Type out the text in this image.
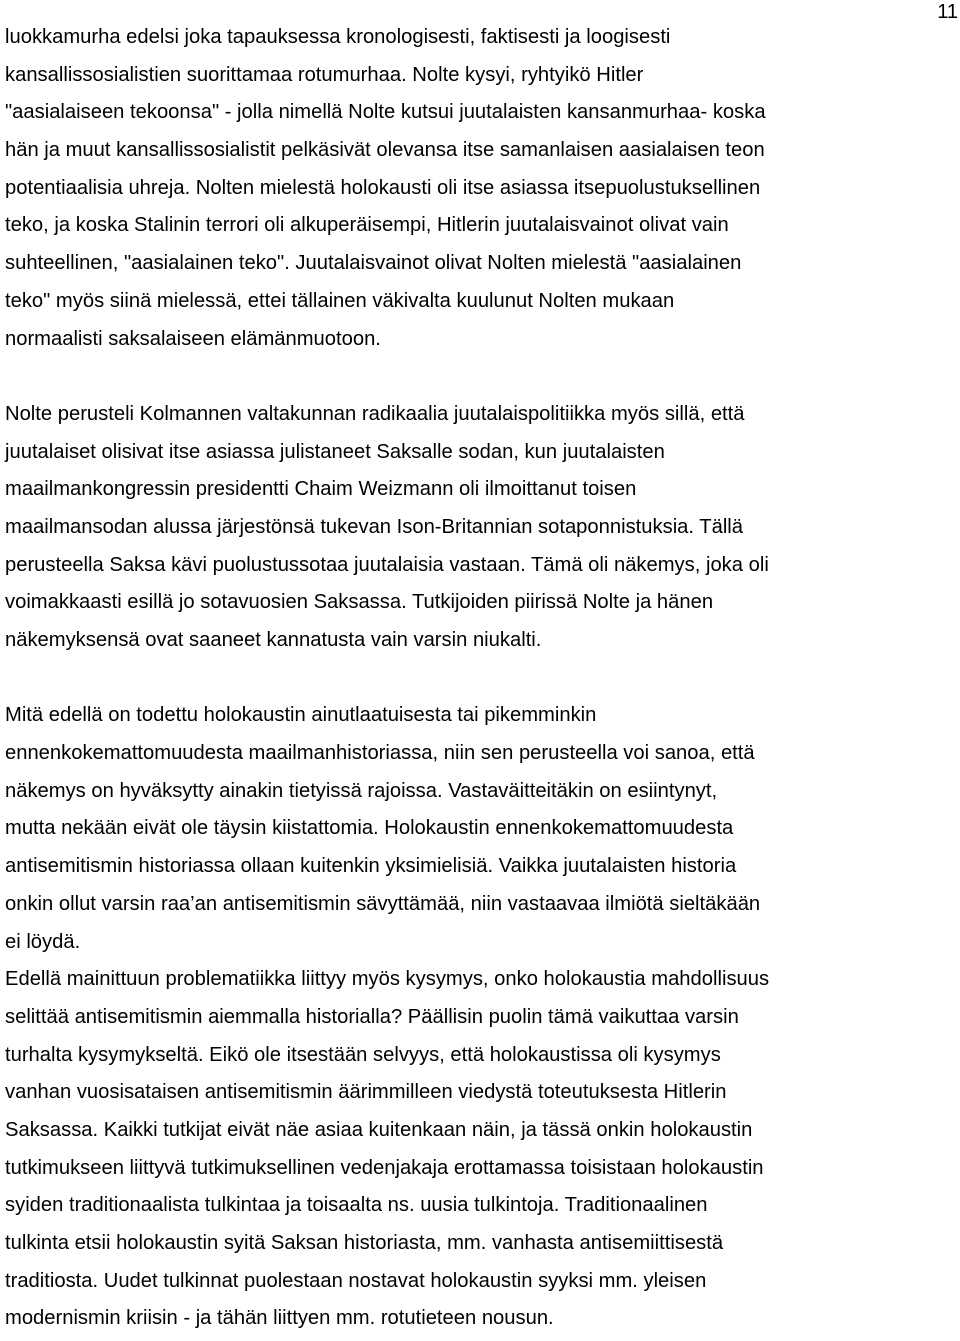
11
luokkamurha edelsi joka tapauksessa kronologisesti, faktisesti ja loogisesti
kansallissosialistien suorittamaa rotumurhaa. Nolte kysyi, ryhtyikö Hitler
"aasialaiseen tekoonsa" - jolla nimellä Nolte kutsui juutalaisten kansanmurhaa- koska
hän ja muut kansallissosialistit pelkäsivät olevansa itse samanlaisen aasialaisen teon
potentiaalisia uhreja. Nolten mielestä holokausti oli itse asiassa itsepuolustuksellinen
teko, ja koska Stalinin terrori oli alkuperäisempi, Hitlerin juutalaisvainot olivat vain
suhteellinen, "aasialainen teko". Juutalaisvainot olivat Nolten mielestä "aasialainen
teko" myös siinä mielessä, ettei tällainen väkivalta kuulunut Nolten mukaan
normaalisti saksalaiseen elämänmuotoon.
Nolte perusteli Kolmannen valtakunnan radikaalia juutalaispolitiikka myös sillä, että
juutalaiset olisivat itse asiassa julistaneet Saksalle sodan, kun juutalaisten
maailmankongressin presidentti Chaim Weizmann oli ilmoittanut toisen
maailmansodan alussa järjestönsä tukevan Ison-Britannian sotaponnistuksia. Tällä
perusteella Saksa kävi puolustussotaa juutalaisia vastaan. Tämä oli näkemys, joka oli
voimakkaasti esillä jo sotavuosien Saksassa. Tutkijoiden piirissä Nolte ja hänen
näkemyksensä ovat saaneet kannatusta vain varsin niukalti.
Mitä edellä on todettu holokaustin ainutlaatuisesta tai pikemminkin
ennenkokemattomuudesta maailmanhistoriassa, niin sen perusteella voi sanoa, että
näkemys on hyväksytty ainakin tietyissä rajoissa. Vastaväitteitäkin on esiintynyt,
mutta nekään eivät ole täysin kiistattomia. Holokaustin ennenkokemattomuudesta
antisemitismin historiassa ollaan kuitenkin yksimielisiä. Vaikka juutalaisten historia
onkin ollut varsin raa’an antisemitismin sävyttämää, niin vastaavaa ilmiötä sieltäkään
ei löydä.
Edellä mainittuun problematiikka liittyy myös kysymys, onko holokaustia mahdollisuus
selittää antisemitismin aiemmalla historialla? Päällisin puolin tämä vaikuttaa varsin
turhalta kysymykseltä. Eikö ole itsestään selvyys, että holokaustissa oli kysymys
vanhan vuosisataisen antisemitismin äärimmilleen viedystä toteutuksesta Hitlerin
Saksassa. Kaikki tutkijat eivät näe asiaa kuitenkaan näin, ja tässä onkin holokaustin
tutkimukseen liittyvä tutkimuksellinen vedenjakaja erottamassa toisistaan holokaustin
syiden traditionaalista tulkintaa ja toisaalta ns. uusia tulkintoja. Traditionaalinen
tulkinta etsii holokaustin syitä Saksan historiasta, mm. vanhasta antisemiittisestä
traditiosta. Uudet tulkinnat puolestaan nostavat holokaustin syyksi mm. yleisen
modernismin kriisin - ja tähän liittyen mm. rotutieteen nousun.
